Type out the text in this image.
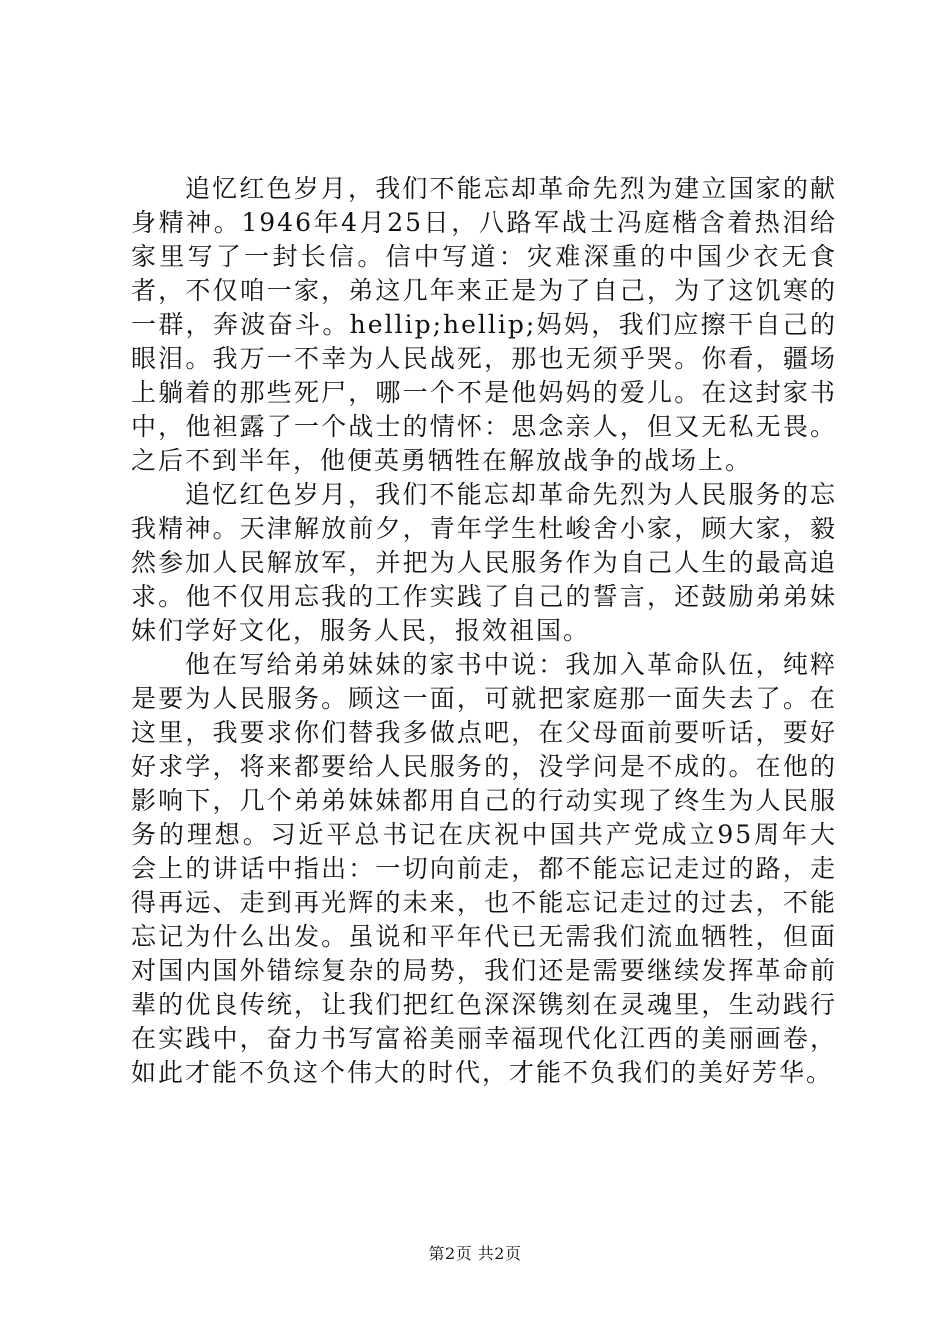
追忆红色岁月，我们不能忘却革命先烈为建立国家的献身精神。1946年4月25日，八路军战士冯庭楷含着热泪给家里写了一封长信。信中写道：灾难深重的中国少衣无食者，不仅咱一家，弟这几年来正是为了自己，为了这饥寒的一群，奔波奋斗。hellip;hellip;妈妈，我们应擦干自己的眼泪。我万一不幸为人民战死，那也无须乎哭。你看，疆场上躺着的那些死尸，哪一个不是他妈妈的爱儿。在这封家书中，他袒露了一个战士的情怀：思念亲人，但又无私无畏。之后不到半年，他便英勇牺牲在解放战争的战场上。

追忆红色岁月，我们不能忘却革命先烈为人民服务的忘我精神。天津解放前夕，青年学生杜峻舍小家，顾大家，毅然参加人民解放军，并把为人民服务作为自己人生的最高追求。他不仅用忘我的工作实践了自己的誓言，还鼓励弟弟妹妹们学好文化，服务人民，报效祖国。

他在写给弟弟妹妹的家书中说：我加入革命队伍，纯粹是要为人民服务。顾这一面，可就把家庭那一面失去了。在这里，我要求你们替我多做点吧，在父母面前要听话，要好好求学，将来都要给人民服务的，没学问是不成的。在他的影响下，几个弟弟妹妹都用自己的行动实现了终生为人民服务的理想。习近平总书记在庆祝中国共产党成立95周年大会上的讲话中指出：一切向前走，都不能忘记走过的路，走得再远、走到再光辉的未来，也不能忘记走过的过去，不能忘记为什么出发。虽说和平年代已无需我们流血牺牲，但面对国内国外错综复杂的局势，我们还是需要继续发挥革命前辈的优良传统，让我们把红色深深镌刻在灵魂里，生动践行在实践中，奋力书写富裕美丽幸福现代化江西的美丽画卷，如此才能不负这个伟大的时代，才能不负我们的美好芳华。

第2页 共2页
